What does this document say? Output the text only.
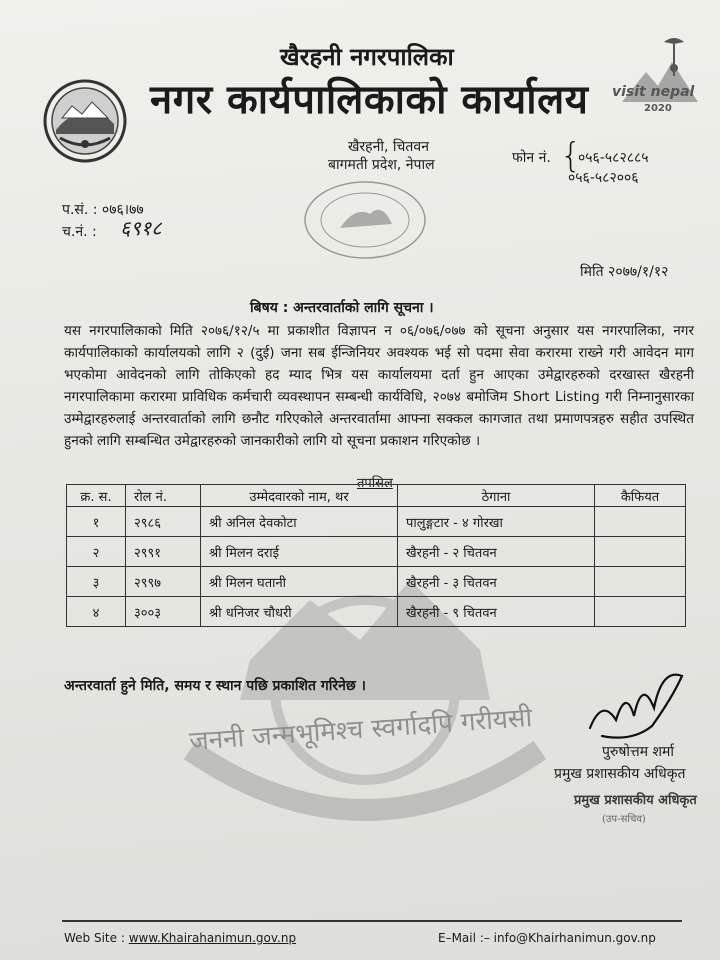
खैरहनी नगरपालिका
नगर कार्यपालिकाको कार्यालय visit nepal
2020
खैरहनी, चितवन
बागमती प्रदेश, नेपाल	फोन नं. {
०५६-५८२८८५
०५६-५८२००६
प.सं. : ०७६।७७
च.नं. : ६९१८
मिति २०७७/१/१२
बिषय : अन्तरवार्ताको लागि सूचना ।
यस नगरपालिकाको मिति २०७६/१२/५ मा प्रकाशीत विज्ञापन न ०६/०७६/०७७ को सूचना अनुसार यस नगरपालिका, नगर कार्यपालिकाको कार्यालयको लागि २ (दुई) जना सब ईन्जिनियर अवश्यक भई सो पदमा सेवा करारमा राख्ने गरी आवेदन माग भएकोमा आवेदनको लागि तोकिएको हद म्याद भित्र यस कार्यालयमा दर्ता हुन आएका उमेद्वारहरुको दरखास्त खैरहनी नगरपालिकामा करारमा प्राविधिक कर्मचारी व्यवस्थापन सम्बन्धी कार्यविधि, २०७४ बमोजिम Short Listing गरी निम्नानुसारका उम्मेद्वारहरुलाई अन्तरवार्ताको लागि छनौट गरिएकोले अन्तरवार्तामा आफ्ना सक्कल कागजात तथा प्रमाणपत्रहरु सहीत उपस्थित हुनको लागि सम्बन्धित उमेद्वारहरुको जानकारीको लागि यो सूचना प्रकाशन गरिएकोछ ।
तपसिल
क्र. स.	रोल नं.	उम्मेदवारको नाम, थर	ठेगाना	कैफियत
१	२९८६	श्री अनिल देवकोटा	पालुङ्गटार - ४ गोरखा	
२	२९९१	श्री मिलन दराई	खैरहनी - २ चितवन	
३	२९९७	श्री मिलन घतानी	खैरहनी - ३ चितवन	
४	३००३	श्री धनिजर चौधरी	खैरहनी - ९ चितवन	
अन्तरवार्ता हुने मिति, समय र स्थान पछि प्रकाशित गरिनेछ ।
जननी जन्मभूमिश्च स्वर्गादपि गरीयसी	पुरुषोत्तम शर्मा
प्रमुख प्रशासकीय अधिकृत
प्रमुख प्रशासकीय अधिकृत
(उप-सचिव)
Web Site : www.Khairahanimun.gov.np	E–Mail :– info@Khairhanimun.gov.np
